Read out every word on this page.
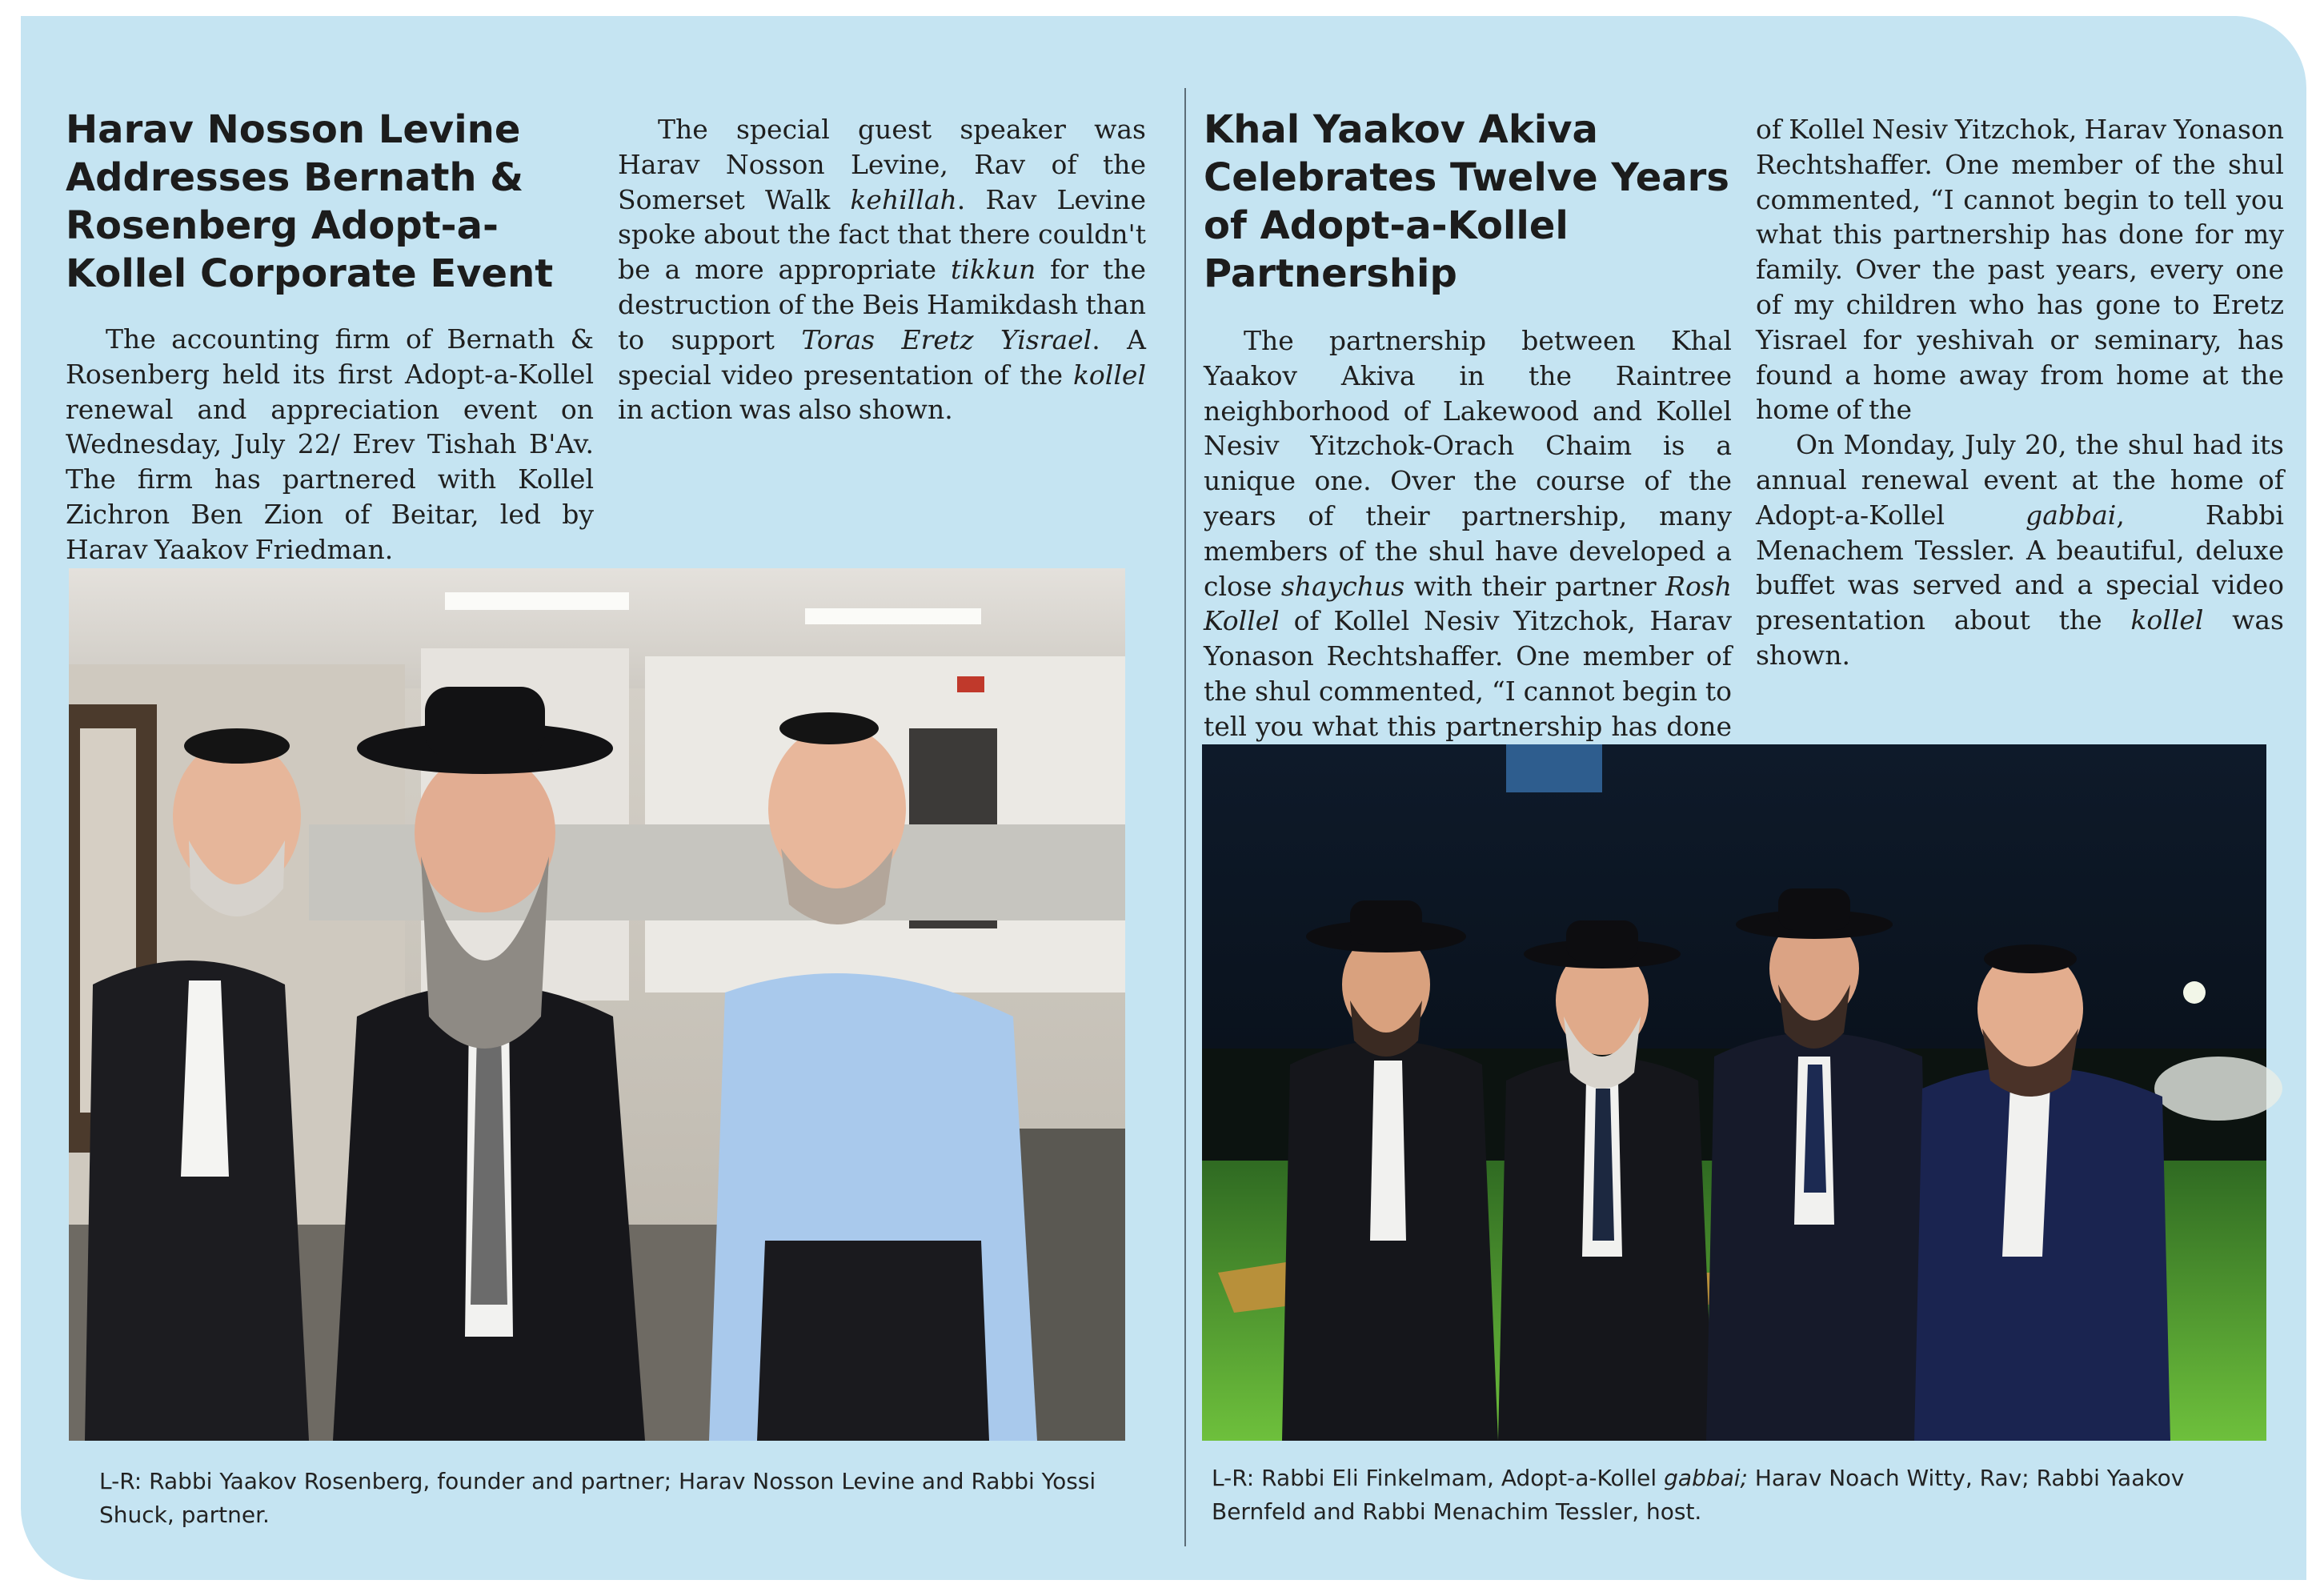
Harav Nosson Levine Addresses Bernath & Rosenberg Adopt-a-Kollel Corporate Event

The accounting firm of Bernath & Rosenberg held its first Adopt-a-Kollel renewal and appreciation event on Wednesday, July 22/ Erev Tishah B'Av. The firm has partnered with Kollel Zichron Ben Zion of Beitar, led by Harav Yaakov Friedman.

The special guest speaker was Harav Nosson Levine, Rav of the Somerset Walk kehillah. Rav Levine spoke about the fact that there couldn't be a more appropriate tikkun for the destruction of the Beis Hamikdash than to support Toras Eretz Yisrael. A special video presentation of the kollel in action was also shown.

L-R: Rabbi Yaakov Rosenberg, founder and partner; Harav Nosson Levine and Rabbi Yossi Shuck, partner.
Khal Yaakov Akiva Celebrates Twelve Years of Adopt-a-Kollel Partnership

The partnership between Khal Yaakov Akiva in the Raintree neighborhood of Lakewood and Kollel Nesiv Yitzchok-Orach Chaim is a unique one. Over the course of the years of their partnership, many members of the shul have developed a close shaychus with their partner Rosh Kollel of Kollel Nesiv Yitzchok, Harav Yonason Rechtshaffer. One member of the shul commented, “I cannot begin to tell you what this partnership has done

of Kollel Nesiv Yitzchok, Harav Yonason Rechtshaffer. One member of the shul commented, “I cannot begin to tell you what this partnership has done for my family. Over the past years, every one of my children who has gone to Eretz Yisrael for yeshivah or seminary, has found a home away from home at the home of the

On Monday, July 20, the shul had its annual renewal event at the home of Adopt-a-Kollel gabbai, Rabbi Menachem Tessler. A beautiful, deluxe buffet was served and a special video presentation about the kollel was shown.

L-R: Rabbi Eli Finkelmam, Adopt-a-Kollel gabbai; Harav Noach Witty, Rav; Rabbi Yaakov Bernfeld and Rabbi Menachim Tessler, host.
